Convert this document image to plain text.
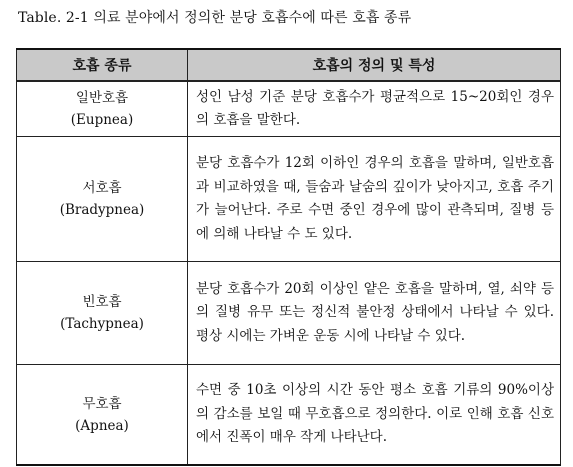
Table. 2-1 의료 분야에서 정의한 분당 호흡수에 따른 호흡 종류
호흡 종류	호흡의 정의 및 특성
일반호흡
(Eupnea)	성인 남성 기준 분당 호흡수가 평균적으로 15~20회인 경우의 호흡을 말한다.
서호흡
(Bradypnea)	분당 호흡수가 12회 이하인 경우의 호흡을 말하며, 일반호흡과 비교하였을 때, 들숨과 날숨의 깊이가 낮아지고, 호흡 주기가 늘어난다. 주로 수면 중인 경우에 많이 관측되며, 질병 등에 의해 나타날 수 도 있다.
빈호흡
(Tachypnea)	분당 호흡수가 20회 이상인 얕은 호흡을 말하며, 열, 쇠약 등의 질병 유무 또는 정신적 불안정 상태에서 나타날 수 있다. 평상 시에는 가벼운 운동 시에 나타날 수 있다.
무호흡
(Apnea)	수면 중 10초 이상의 시간 동안 평소 호흡 기류의 90%이상의 감소를 보일 때 무호흡으로 정의한다. 이로 인해 호흡 신호에서 진폭이 매우 작게 나타난다.
